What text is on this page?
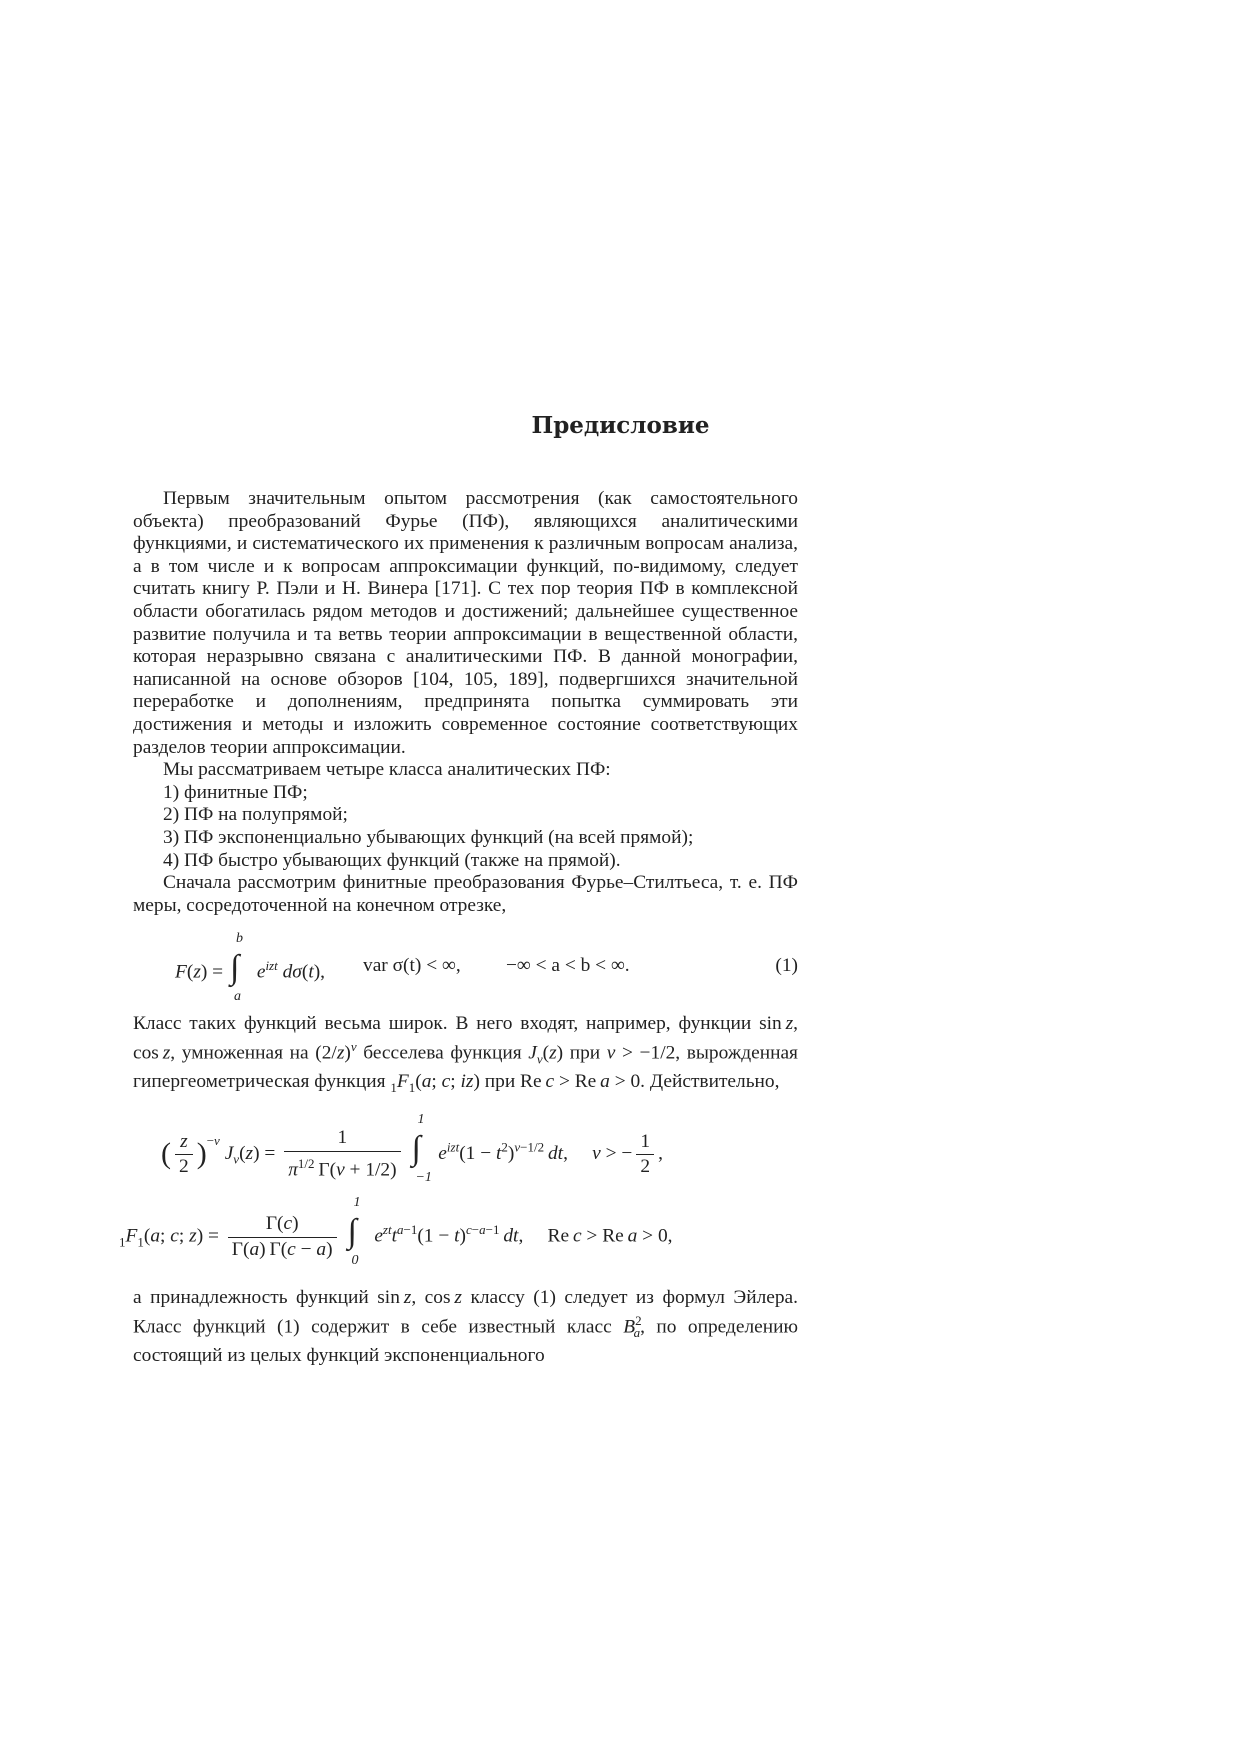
Предисловие

Первым значительным опытом рассмотрения (как самостоятельного объекта) преобразований Фурье (ПФ), являющихся аналитическими функциями, и систематического их применения к различным вопросам анализа, а в том числе и к вопросам аппроксимации функций, по-видимому, следует считать книгу Р. Пэли и Н. Винера [171]. С тех пор теория ПФ в комплексной области обогатилась рядом методов и достижений; дальнейшее существенное развитие получила и та ветвь теории аппроксимации в вещественной области, которая неразрывно связана с аналитическими ПФ. В данной монографии, написанной на основе обзоров [104, 105, 189], подвергшихся значительной переработке и дополнениям, предпринята попытка суммировать эти достижения и методы и изложить современное состояние соответствующих разделов теории аппроксимации.

Мы рассматриваем четыре класса аналитических ПФ:

1) финитные ПФ;

2) ПФ на полупрямой;

3) ПФ экспоненциально убывающих функций (на всей прямой);

4) ПФ быстро убывающих функций (также на прямой).

Сначала рассмотрим финитные преобразования Фурье–Стилтьеса, т. е. ПФ меры, сосредоточенной на конечном отрезке,

F(z) =
b
∫
a
$e^{izt}$ dσ(t), var σ(t) < ∞, −∞ < a < b < ∞.	(1)

Класс таких функций весьма широк. В него входят, например, функции sin z, cos z, умноженная на $(2/z)^\nu$ бесселева функция $J_\nu(z)$ при ν > −1/2, вырожденная гипергеометрическая функция $_1F_1(a$; c; iz) при Re c > Re a > 0. Действительно,

( $\frac{z}{2} )^{-\nu}$ $J_\nu(z) = \frac{1}{\pi^{1/2} \Gamma(\nu + 1/2)}$

1
∫
−1
$e^{izt}(1 - t^2)^{\nu-1/2}$  dt,  ν > − $\frac{1}{2}$ ,
$_1F_1(a$; c; $z) = \frac{\Gamma(c)}{\Gamma(a) \Gamma(c - a)}$

1
∫
0
$e^{zt}t^{a-1}(1 - t)^{c-a-1}$  dt,  Re c > Re a > 0,

а принадлежность функций sin z, cos z классу (1) следует из формул Эйлера. Класс функций (1) содержит в себе известный класс $B^2_a$, по определению состоящий из целых функций экспоненциального
